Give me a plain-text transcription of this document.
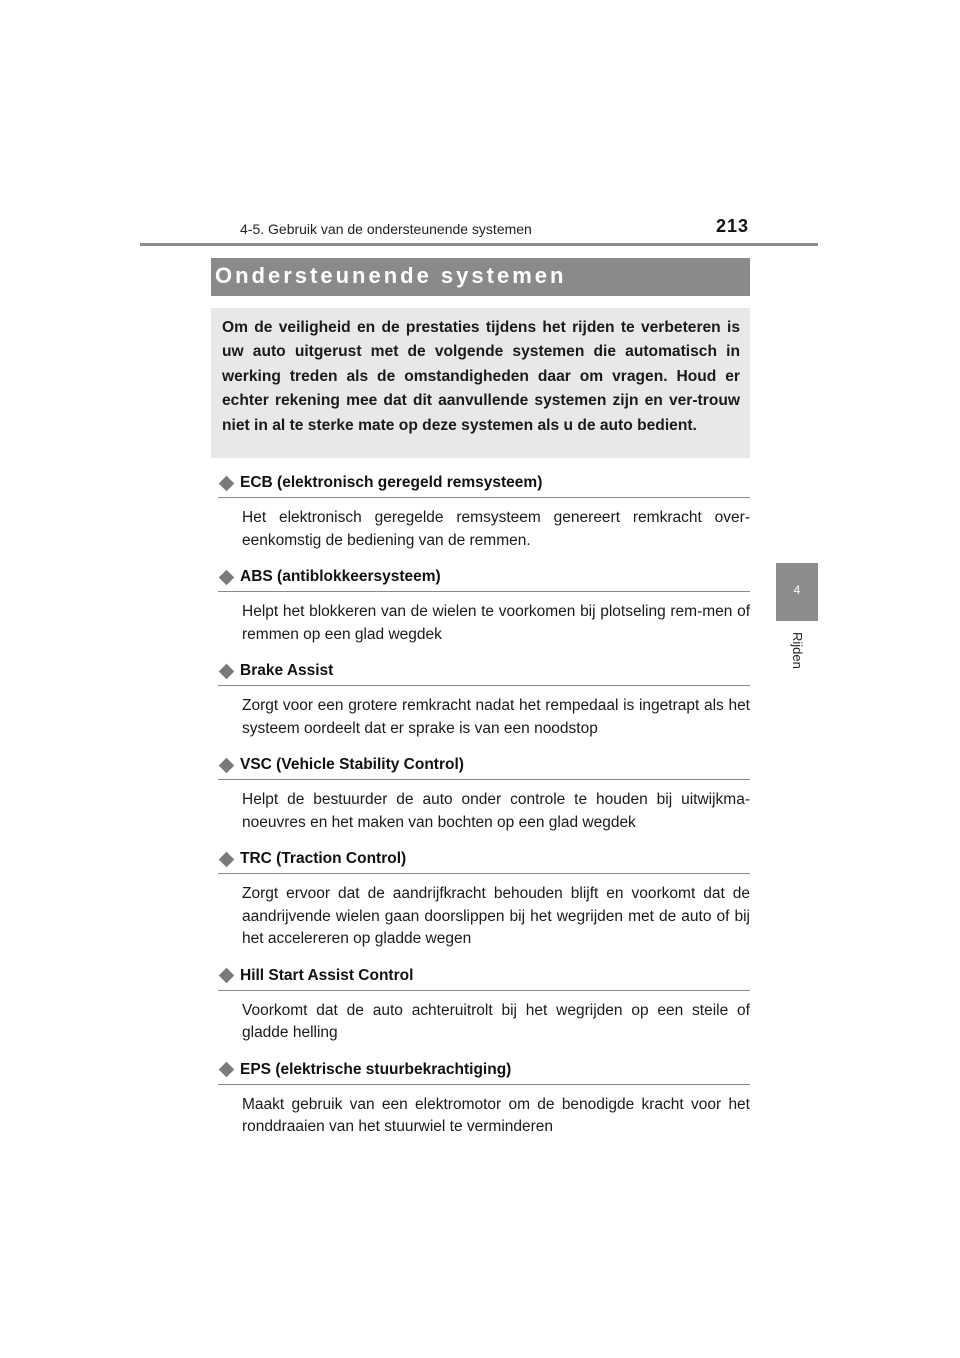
4-5. Gebruik van de ondersteunende systemen	213
4
Rijden
Ondersteunende systemen

Om de veiligheid en de prestaties tijdens het rijden te verbeteren is uw auto uitgerust met de volgende systemen die automatisch in werking treden als de omstandigheden daar om vragen. Houd er echter rekening mee dat dit aanvullende systemen zijn en ver-trouw niet in al te sterke mate op deze systemen als u de auto bedient.

ECB (elektronisch geregeld remsysteem)
Het elektronisch geregelde remsysteem genereert remkracht over-eenkomstig de bediening van de remmen.
ABS (antiblokkeersysteem)
Helpt het blokkeren van de wielen te voorkomen bij plotseling rem-men of remmen op een glad wegdek
Brake Assist
Zorgt voor een grotere remkracht nadat het rempedaal is ingetrapt als het systeem oordeelt dat er sprake is van een noodstop
VSC (Vehicle Stability Control)
Helpt de bestuurder de auto onder controle te houden bij uitwijkma-noeuvres en het maken van bochten op een glad wegdek
TRC (Traction Control)
Zorgt ervoor dat de aandrijfkracht behouden blijft en voorkomt dat de aandrijvende wielen gaan doorslippen bij het wegrijden met de auto of bij het accelereren op gladde wegen
Hill Start Assist Control
Voorkomt dat de auto achteruitrolt bij het wegrijden op een steile of gladde helling
EPS (elektrische stuurbekrachtiging)
Maakt gebruik van een elektromotor om de benodigde kracht voor het ronddraaien van het stuurwiel te verminderen
